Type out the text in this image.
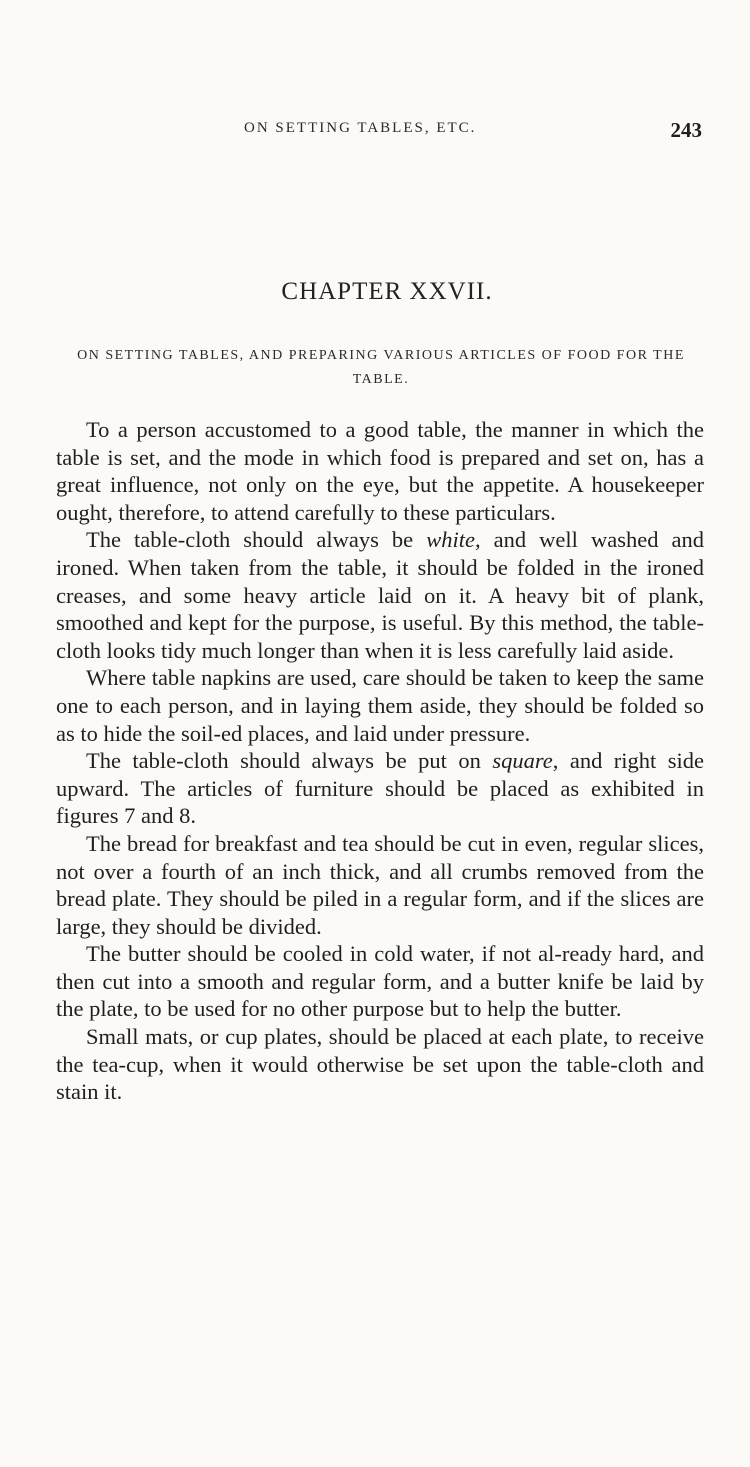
ON SETTING TABLES, ETC.	243
CHAPTER XXVII.
ON SETTING TABLES, AND PREPARING VARIOUS ARTICLES OF FOOD FOR THE TABLE.

To a person accustomed to a good table, the manner in which the table is set, and the mode in which food is prepared and set on, has a great influence, not only on the eye, but the appetite. A housekeeper ought, therefore, to attend carefully to these particulars.

The table-cloth should always be white, and well washed and ironed. When taken from the table, it should be folded in the ironed creases, and some heavy article laid on it. A heavy bit of plank, smoothed and kept for the purpose, is useful. By this method, the table-cloth looks tidy much longer than when it is less carefully laid aside.

Where table napkins are used, care should be taken to keep the same one to each person, and in laying them aside, they should be folded so as to hide the soil-ed places, and laid under pressure.

The table-cloth should always be put on square, and right side upward. The articles of furniture should be placed as exhibited in figures 7 and 8.

The bread for breakfast and tea should be cut in even, regular slices, not over a fourth of an inch thick, and all crumbs removed from the bread plate. They should be piled in a regular form, and if the slices are large, they should be divided.

The butter should be cooled in cold water, if not al-ready hard, and then cut into a smooth and regular form, and a butter knife be laid by the plate, to be used for no other purpose but to help the butter.

Small mats, or cup plates, should be placed at each plate, to receive the tea-cup, when it would otherwise be set upon the table-cloth and stain it.
